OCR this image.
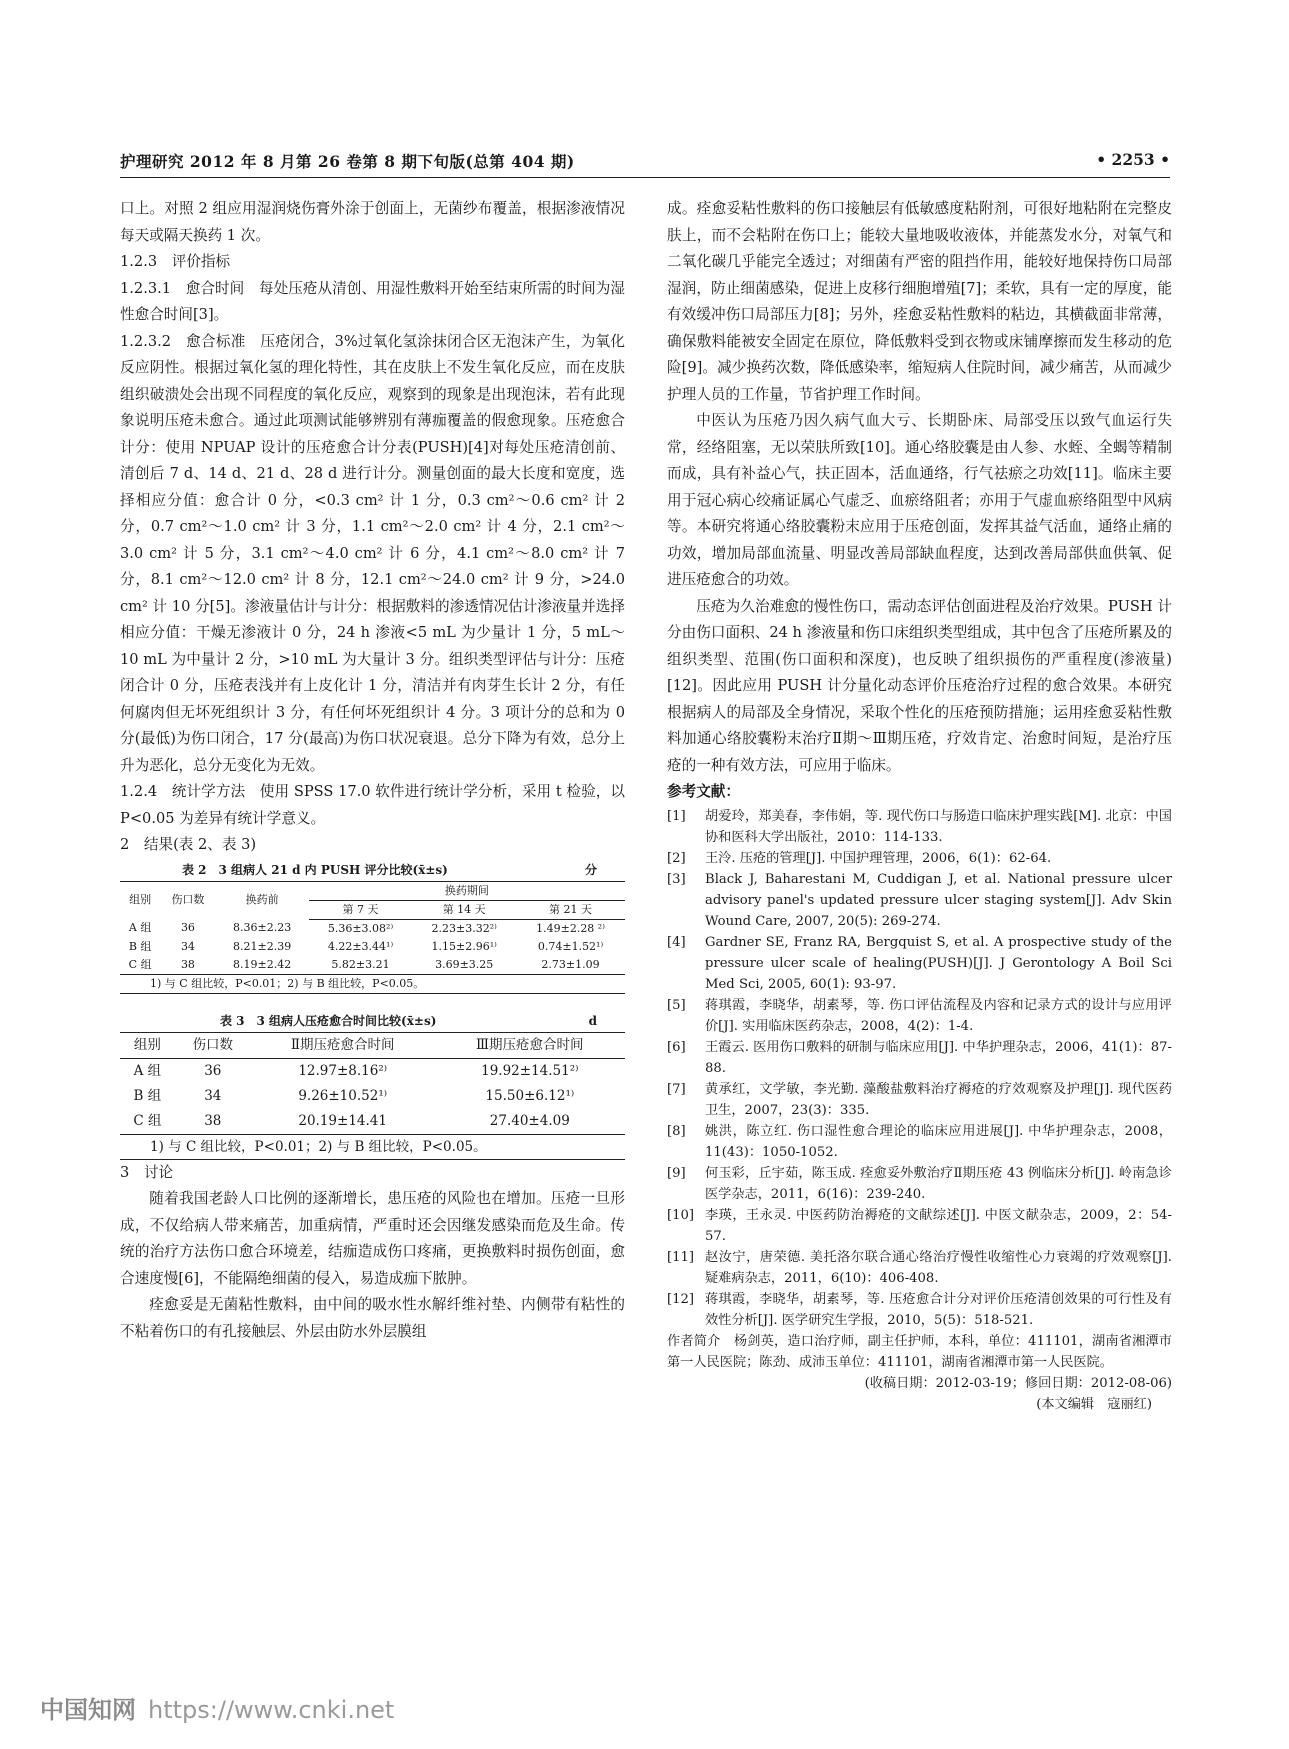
护理研究 2012 年 8 月第 26 卷第 8 期下旬版(总第 404 期)	• 2253 •

口上。对照 2 组应用湿润烧伤膏外涂于创面上，无菌纱布覆盖，根据渗液情况每天或隔天换药 1 次。

1.2.3　评价指标

1.2.3.1　愈合时间　每处压疮从清创、用湿性敷料开始至结束所需的时间为湿性愈合时间[3]。

1.2.3.2　愈合标准　压疮闭合，3%过氧化氢涂抹闭合区无泡沫产生，为氧化反应阴性。根据过氧化氢的理化特性，其在皮肤上不发生氧化反应，而在皮肤组织破溃处会出现不同程度的氧化反应，观察到的现象是出现泡沫，若有此现象说明压疮未愈合。通过此项测试能够辨别有薄痂覆盖的假愈现象。压疮愈合计分：使用 NPUAP 设计的压疮愈合计分表(PUSH)[4]对每处压疮清创前、清创后 7 d、14 d、21 d、28 d 进行计分。测量创面的最大长度和宽度，选择相应分值：愈合计 0 分，<0.3 cm² 计 1 分，0.3 cm²～0.6 cm² 计 2 分，0.7 cm²～1.0 cm² 计 3 分，1.1 cm²～2.0 cm² 计 4 分，2.1 cm²～3.0 cm² 计 5 分，3.1 cm²～4.0 cm² 计 6 分，4.1 cm²～8.0 cm² 计 7 分，8.1 cm²～12.0 cm² 计 8 分，12.1 cm²～24.0 cm² 计 9 分，>24.0 cm² 计 10 分[5]。渗液量估计与计分：根据敷料的渗透情况估计渗液量并选择相应分值：干燥无渗液计 0 分，24 h 渗液<5 mL 为少量计 1 分，5 mL～10 mL 为中量计 2 分，>10 mL 为大量计 3 分。组织类型评估与计分：压疮闭合计 0 分，压疮表浅并有上皮化计 1 分，清洁并有肉芽生长计 2 分，有任何腐肉但无坏死组织计 3 分，有任何坏死组织计 4 分。3 项计分的总和为 0 分(最低)为伤口闭合，17 分(最高)为伤口状况衰退。总分下降为有效，总分上升为恶化，总分无变化为无效。

1.2.4　统计学方法　使用 SPSS 17.0 软件进行统计学分析，采用 t 检验，以 P<0.05 为差异有统计学意义。

2　结果(表 2、表 3)

表 2　3 组病人 21 d 内 PUSH 评分比较(x̄±s)	分
组别	伤口数	换药前	换药期间		
			第 7 天	第 14 天	第 21 天
A 组	36	8.36±2.23	5.36±3.08²⁾	2.23±3.32²⁾	1.49±2.28 ²⁾
B 组	34	8.21±2.39	4.22±3.44¹⁾	1.15±2.96¹⁾	0.74±1.52¹⁾
C 组	38	8.19±2.42	5.82±3.21	3.69±3.25	2.73±1.09
1) 与 C 组比较，P<0.01；2) 与 B 组比较，P<0.05。
表 3　3 组病人压疮愈合时间比较(x̄±s)	d
组别	伤口数	Ⅱ期压疮愈合时间	Ⅲ期压疮愈合时间
A 组	36	12.97±8.16²⁾	19.92±14.51²⁾
B 组	34	9.26±10.52¹⁾	15.50±6.12¹⁾
C 组	38	20.19±14.41	27.40±4.09
1) 与 C 组比较，P<0.01；2) 与 B 组比较，P<0.05。

3　讨论

随着我国老龄人口比例的逐渐增长，患压疮的风险也在增加。压疮一旦形成，不仅给病人带来痛苦，加重病情，严重时还会因继发感染而危及生命。传统的治疗方法伤口愈合环境差，结痂造成伤口疼痛，更换敷料时损伤创面，愈合速度慢[6]，不能隔绝细菌的侵入，易造成痂下脓肿。

痊愈妥是无菌粘性敷料，由中间的吸水性水解纤维衬垫、内侧带有粘性的不粘着伤口的有孔接触层、外层由防水外层膜组

成。痊愈妥粘性敷料的伤口接触层有低敏感度粘附剂，可很好地粘附在完整皮肤上，而不会粘附在伤口上；能较大量地吸收液体，并能蒸发水分，对氧气和二氧化碳几乎能完全透过；对细菌有严密的阻挡作用，能较好地保持伤口局部湿润，防止细菌感染，促进上皮移行细胞增殖[7]；柔软，具有一定的厚度，能有效缓冲伤口局部压力[8]；另外，痊愈妥粘性敷料的粘边，其横截面非常薄，确保敷料能被安全固定在原位，降低敷料受到衣物或床铺摩擦而发生移动的危险[9]。减少换药次数，降低感染率，缩短病人住院时间，减少痛苦，从而减少护理人员的工作量，节省护理工作时间。

中医认为压疮乃因久病气血大亏、长期卧床、局部受压以致气血运行失常，经络阻塞，无以荣肤所致[10]。通心络胶囊是由人参、水蛭、全蝎等精制而成，具有补益心气，扶正固本，活血通络，行气祛瘀之功效[11]。临床主要用于冠心病心绞痛证属心气虚乏、血瘀络阻者；亦用于气虚血瘀络阻型中风病等。本研究将通心络胶囊粉末应用于压疮创面，发挥其益气活血，通络止痛的功效，增加局部血流量、明显改善局部缺血程度，达到改善局部供血供氧、促进压疮愈合的功效。

压疮为久治难愈的慢性伤口，需动态评估创面进程及治疗效果。PUSH 计分由伤口面积、24 h 渗液量和伤口床组织类型组成，其中包含了压疮所累及的组织类型、范围(伤口面积和深度)，也反映了组织损伤的严重程度(渗液量)[12]。因此应用 PUSH 计分量化动态评价压疮治疗过程的愈合效果。本研究根据病人的局部及全身情况，采取个性化的压疮预防措施；运用痊愈妥粘性敷料加通心络胶囊粉末治疗Ⅱ期～Ⅲ期压疮，疗效肯定、治愈时间短，是治疗压疮的一种有效方法，可应用于临床。

参考文献：

[1]	胡爱玲，郑美春，李伟娟，等. 现代伤口与肠造口临床护理实践[M]. 北京：中国协和医科大学出版社，2010：114-133.
[2]	王泠. 压疮的管理[J]. 中国护理管理，2006，6(1)：62-64.
[3]	Black J, Baharestani M, Cuddigan J, et al. National pressure ulcer advisory panel's updated pressure ulcer staging system[J]. Adv Skin Wound Care, 2007, 20(5): 269-274.
[4]	Gardner SE, Franz RA, Bergquist S, et al. A prospective study of the pressure ulcer scale of healing(PUSH)[J]. J Gerontology A Boil Sci Med Sci, 2005, 60(1): 93-97.
[5]	蒋琪霞，李晓华，胡素琴，等. 伤口评估流程及内容和记录方式的设计与应用评价[J]. 实用临床医药杂志，2008，4(2)：1-4.
[6]	王霞云. 医用伤口敷料的研制与临床应用[J]. 中华护理杂志，2006，41(1)：87-88.
[7]	黄承红，文学敏，李光勤. 藻酸盐敷料治疗褥疮的疗效观察及护理[J]. 现代医药卫生，2007，23(3)：335.
[8]	姚洪，陈立红. 伤口湿性愈合理论的临床应用进展[J]. 中华护理杂志，2008，11(43)：1050-1052.
[9]	何玉彩，丘宇茹，陈玉成. 痊愈妥外敷治疗Ⅱ期压疮 43 例临床分析[J]. 岭南急诊医学杂志，2011，6(16)：239-240.
[10] 李瑛，王永灵. 中医药防治褥疮的文献综述[J]. 中医文献杂志，2009，2：54-57.
[11] 赵汝宁，唐荣德. 美托洛尔联合通心络治疗慢性收缩性心力衰竭的疗效观察[J]. 疑难病杂志，2011，6(10)：406-408.
[12] 蒋琪霞，李晓华，胡素琴，等. 压疮愈合计分对评价压疮清创效果的可行性及有效性分析[J]. 医学研究生学报，2010，5(5)：518-521.

作者简介　杨剑英，造口治疗师，副主任护师，本科，单位：411101，湖南省湘潭市第一人民医院；陈劲、成沛玉单位：411101，湖南省湘潭市第一人民医院。

(收稿日期：2012-03-19；修回日期：2012-08-06)

(本文编辑　寇丽红)

中国知网 https://www.cnki.net
